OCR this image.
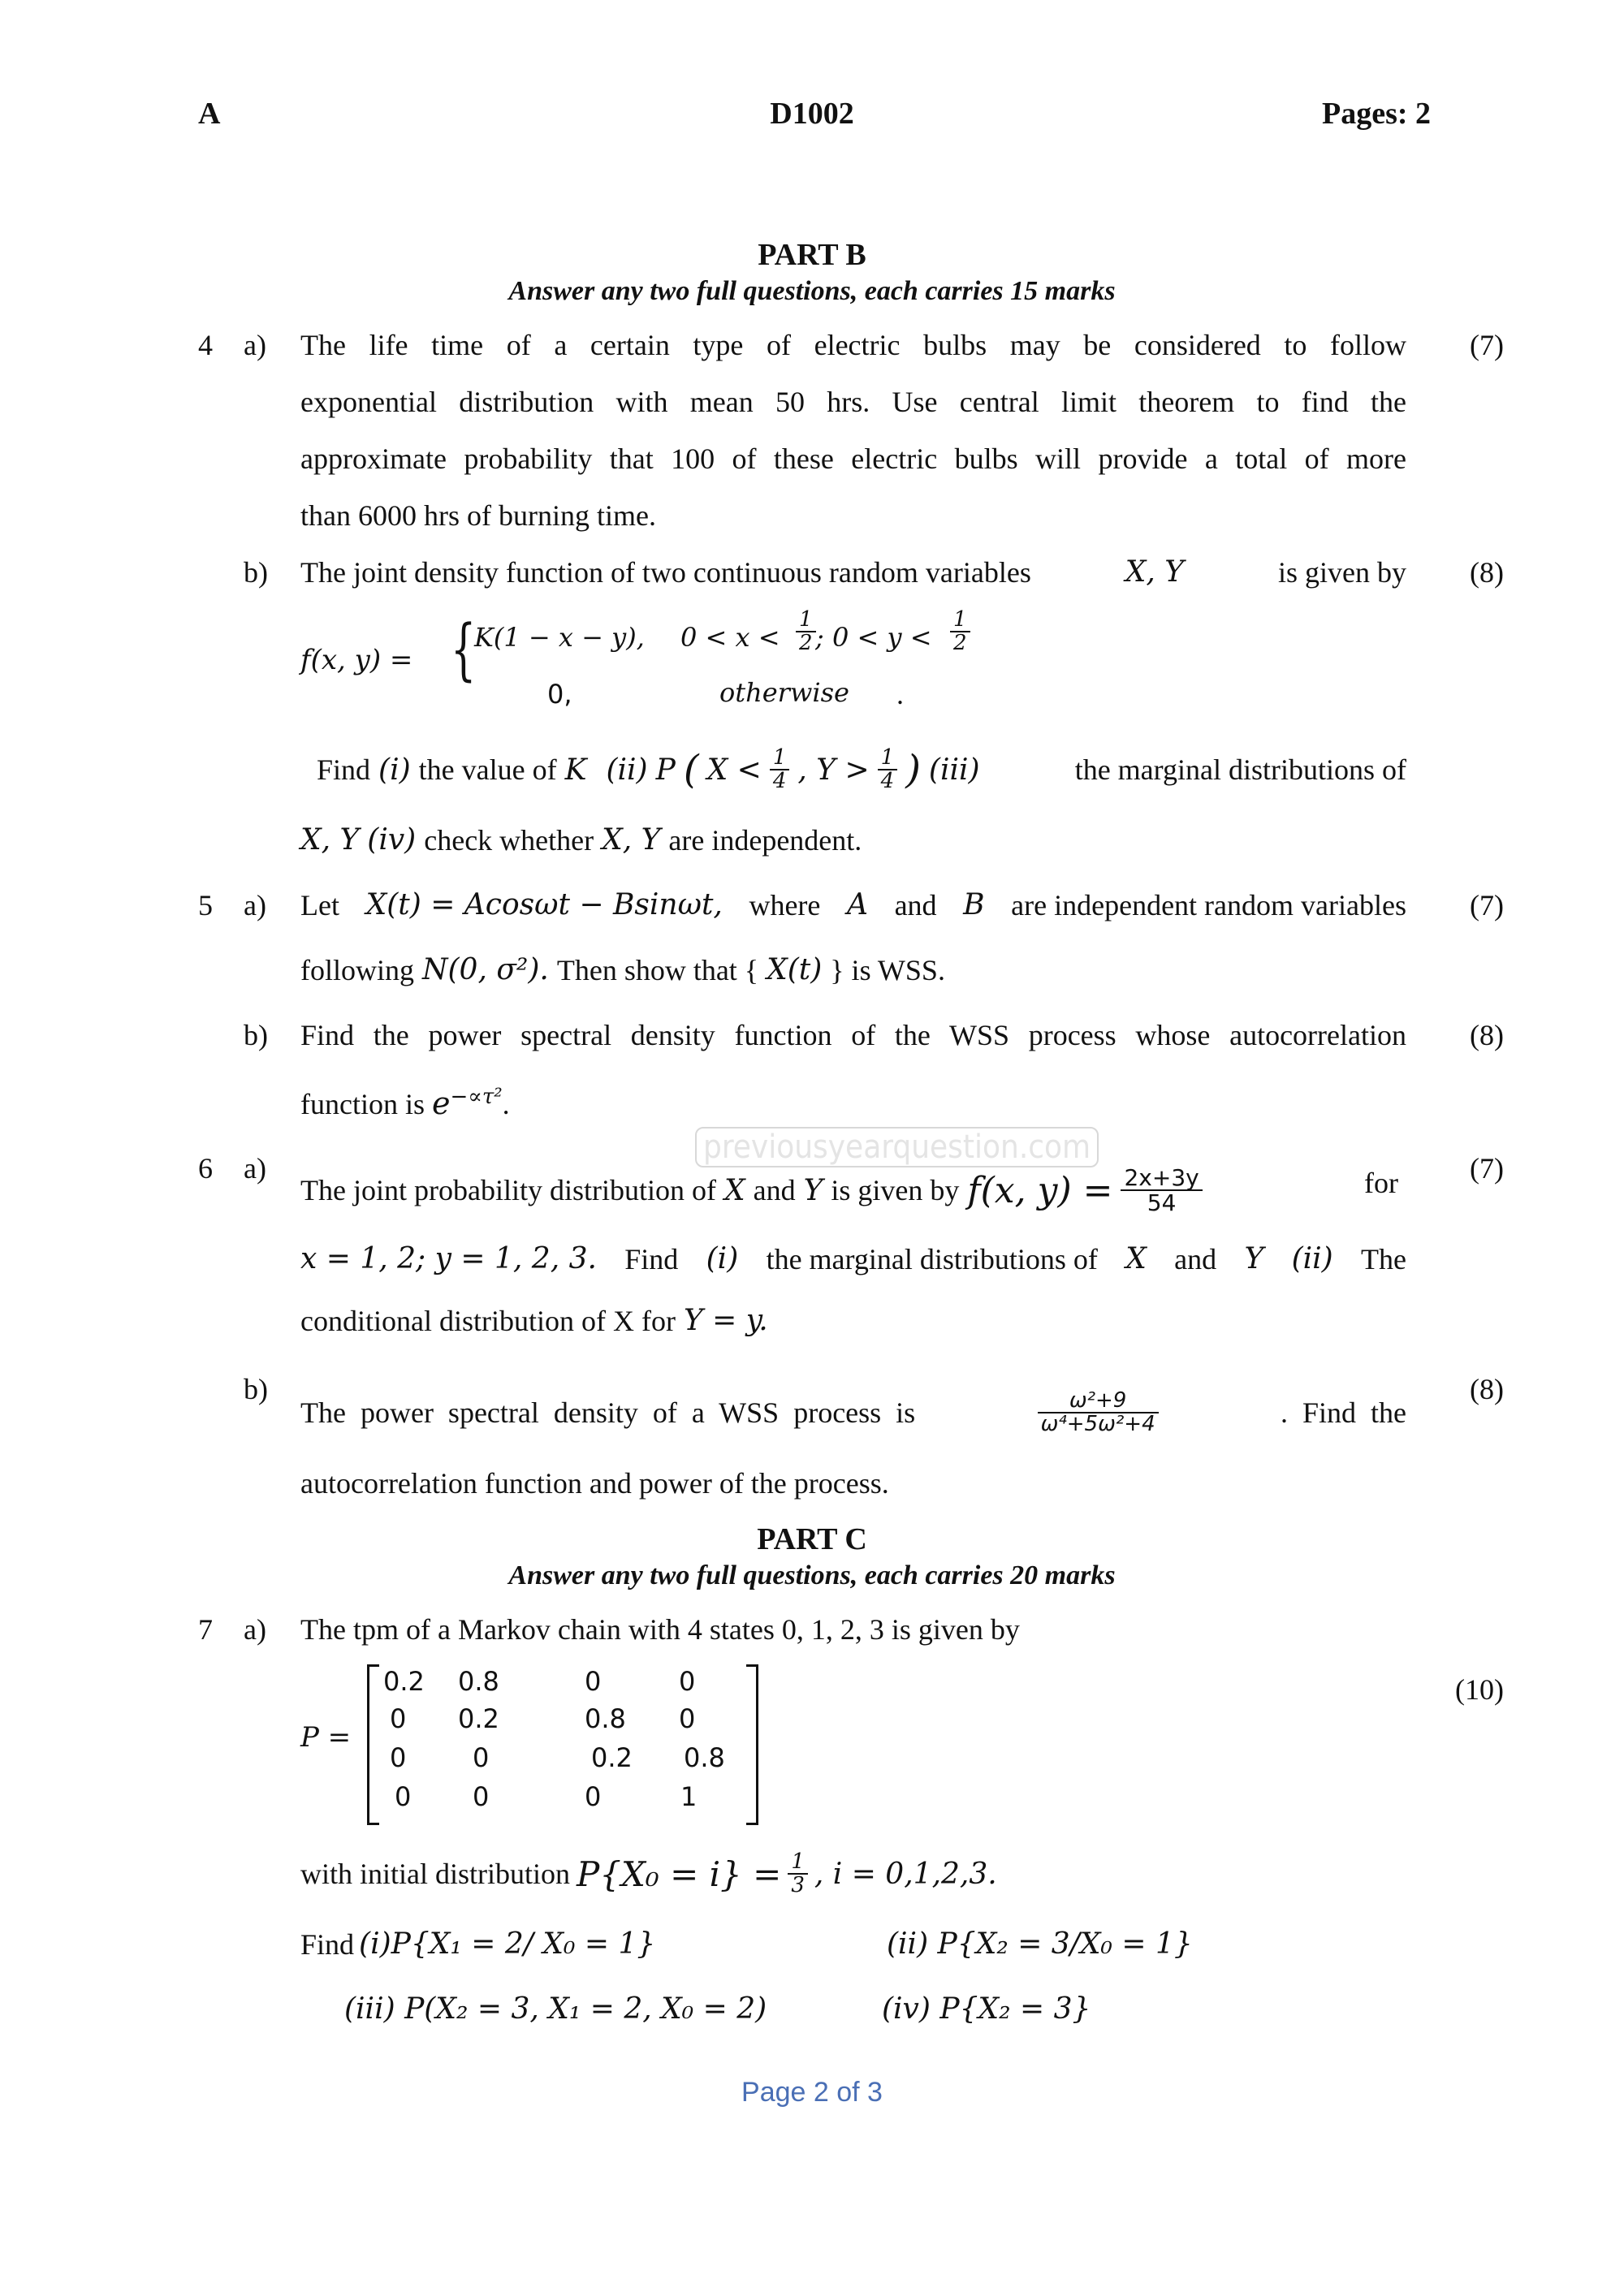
A	D1002	Pages: 2
PART B
Answer any two full questions, each carries 15 marks
4 a) The life time of a certain type of electric bulbs may be considered to follow
exponential distribution with mean 50 hrs. Use central limit theorem to find the
approximate probability that 100 of these electric bulbs will provide a total of more
than 6000 hrs of burning time.
(7)
b) The joint density function of two continuous random variables	X, Y	is given by	(8)
f(x, y) = {
K(1 − x − y), $0 < x < \frac{1}{2}$ ; $0 < y < \frac{1}{2}$
0,	otherwise .
Find (i) the value of K (ii) P ( $X < \frac{1}{4}$ , $Y > \frac{1}{4}$ ) (iii)	the marginal distributions of
X, Y (iv) check whether X, Y are independent.
5 a) Let X(t) = Acosωt − Bsinωt, where A and B are independent random variables	(7)
following N(0, σ²). Then show that { X(t) } is WSS.
b) Find the power spectral density function of the WSS process whose autocorrelation	(8)
function is $e^{-\propto\tau^2}$.
previousyearquestion.com
6 a)
The joint probability distribution of X and Y is given by f(x, $y) = \frac{2x+3y}{54}$	for	(7)
x = 1, 2; y = 1, 2, 3. Find (i) the marginal distributions of X and Y (ii) The
conditional distribution of X for Y = y.
b)
The  power  spectral  density  of  a  WSS  process  is	$\frac{\text{ω²+9}}{\text{ω⁴+5ω²+4}}$	.  Find  the
(8)
autocorrelation function and power of the process.
PART C
Answer any two full questions, each carries 20 marks
7 a) The tpm of a Markov chain with 4 states 0, 1, 2, 3 is given by
P =
0.2 0.8	0	0
0 0.2	0.8 0
0	0	0.2 0.8
0 0	0	1
(10)
with initial distribution $P\{X_0 = i\} = \frac{1}{3}$ , i = 0,1,2,3.
Find (i)P{X₁ = 2/ X₀ = 1}	(ii) P{X₂ = 3/X₀ = 1}
(iii) P(X₂ = 3, X₁ = 2, X₀ = 2)	(iv) P{X₂ = 3}
Page 2 of 3
